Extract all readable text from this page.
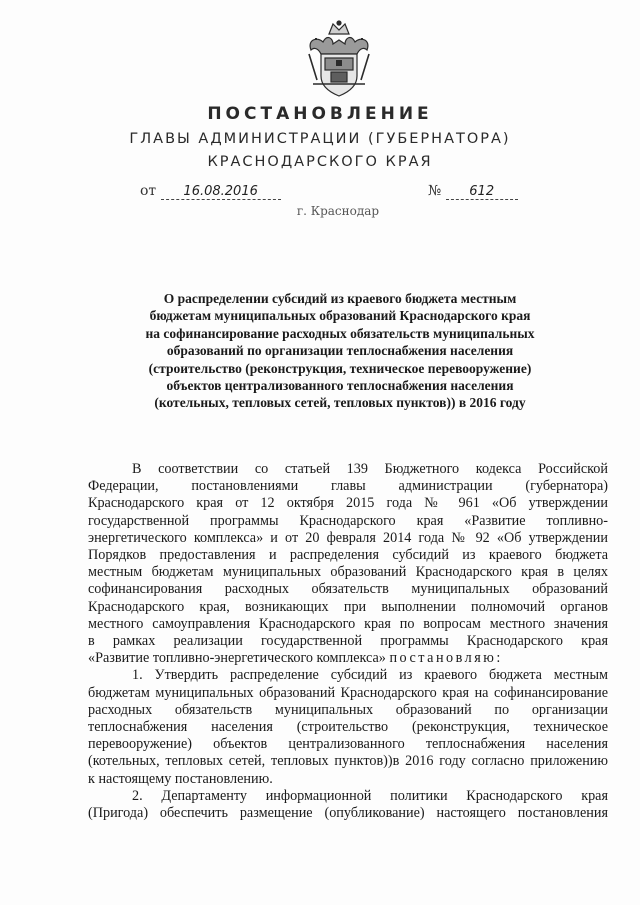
ПОСТАНОВЛЕНИЕ
ГЛАВЫ АДМИНИСТРАЦИИ (ГУБЕРНАТОРА)
КРАСНОДАРСКОГО КРАЯ
от 16.08.2016	№ 612
г. Краснодар
О распределении субсидий из краевого бюджета местным
бюджетам муниципальных образований Краснодарского края
на софинансирование расходных обязательств муниципальных
образований по организации теплоснабжения населения
(строительство (реконструкция, техническое перевооружение)
объектов централизованного теплоснабжения населения
(котельных, тепловых сетей, тепловых пунктов)) в 2016 году
В соответствии со статьей 139 Бюджетного кодекса Российской
Федерации, постановлениями главы администрации (губернатора)
Краснодарского края от 12 октября 2015 года № 961 «Об утверждении
государственной программы Краснодарского края «Развитие топливно-
энергетического комплекса» и от 20 февраля 2014 года № 92 «Об утверждении
Порядков предоставления и распределения субсидий из краевого бюджета
местным бюджетам муниципальных образований Краснодарского края в целях
софинансирования расходных обязательств муниципальных образований
Краснодарского края, возникающих при выполнении полномочий органов
местного самоуправления Краснодарского края по вопросам местного значения
в рамках реализации государственной программы Краснодарского края
«Развитие топливно-энергетического комплекса» постановляю:
1. Утвердить распределение субсидий из краевого бюджета местным
бюджетам муниципальных образований Краснодарского края на софинансирование
расходных обязательств муниципальных образований по организации
теплоснабжения населения (строительство (реконструкция, техническое
перевооружение) объектов централизованного теплоснабжения населения
(котельных, тепловых сетей, тепловых пунктов))в 2016 году согласно приложению
к настоящему постановлению.
2. Департаменту информационной политики Краснодарского края
(Пригода) обеспечить размещение (опубликование) настоящего постановления
